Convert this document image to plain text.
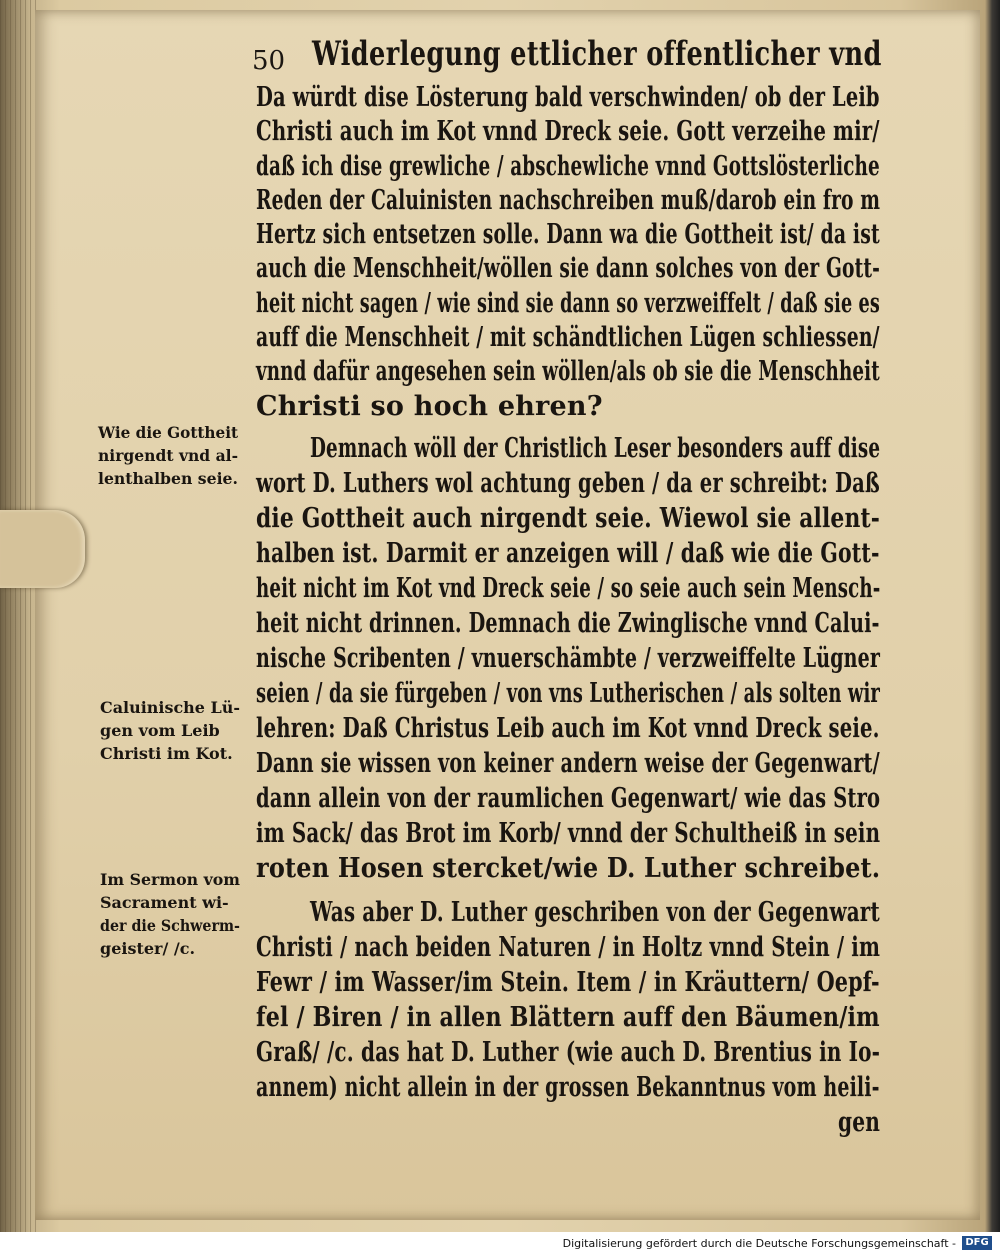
50 Widerlegung ettlicher offentlicher vnd
Da würdt dise Lösterung bald verschwinden/ ob der Leib
Christi auch im Kot vnnd Dreck seie. Gott verzeihe mir/
daß ich dise grewliche / abschewliche vnnd Gottslösterliche
Reden der Caluinisten nachschreiben muß/darob ein fro m
Hertz sich entsetzen solle. Dann wa die Gottheit ist/ da ist
auch die Menschheit/wöllen sie dann solches von der Gott-
heit nicht sagen / wie sind sie dann so verzweiffelt / daß sie es
auff die Menschheit / mit schändtlichen Lügen schliessen/
vnnd dafür angesehen sein wöllen/als ob sie die Menschheit
Christi so hoch ehren?
Demnach wöll der Christlich Leser besonders auff dise
wort D. Luthers wol achtung geben / da er schreibt: Daß
die Gottheit auch nirgendt seie. Wiewol sie allent-
halben ist. Darmit er anzeigen will / daß wie die Gott-
heit nicht im Kot vnd Dreck seie / so seie auch sein Mensch-
heit nicht drinnen. Demnach die Zwinglische vnnd Calui-
nische Scribenten / vnuerschämbte / verzweiffelte Lügner
seien / da sie fürgeben / von vns Lutherischen / als solten wir
lehren: Daß Christus Leib auch im Kot vnnd Dreck seie.
Dann sie wissen von keiner andern weise der Gegenwart/
dann allein von der raumlichen Gegenwart/ wie das Stro
im Sack/ das Brot im Korb/ vnnd der Schultheiß in sein
roten Hosen stercket/wie D. Luther schreibet.
Was aber D. Luther geschriben von der Gegenwart
Christi / nach beiden Naturen / in Holtz vnnd Stein / im
Fewr / im Wasser/im Stein. Item / in Kräuttern/ Oepf-
fel / Biren / in allen Blättern auff den Bäumen/im
Graß/ /c. das hat D. Luther (wie auch D. Brentius in Io-
annem) nicht allein in der grossen Bekanntnus vom heili-
gen
Wie die Gottheit
nirgendt vnd al-
lenthalben seie.
Caluinische Lü-
gen vom Leib
Christi im Kot.
Im Sermon vom
Sacrament wi-
der die Schwerm-
geister/ /c.
Digitalisierung gefördert durch die Deutsche Forschungsgemeinschaft - DFG
